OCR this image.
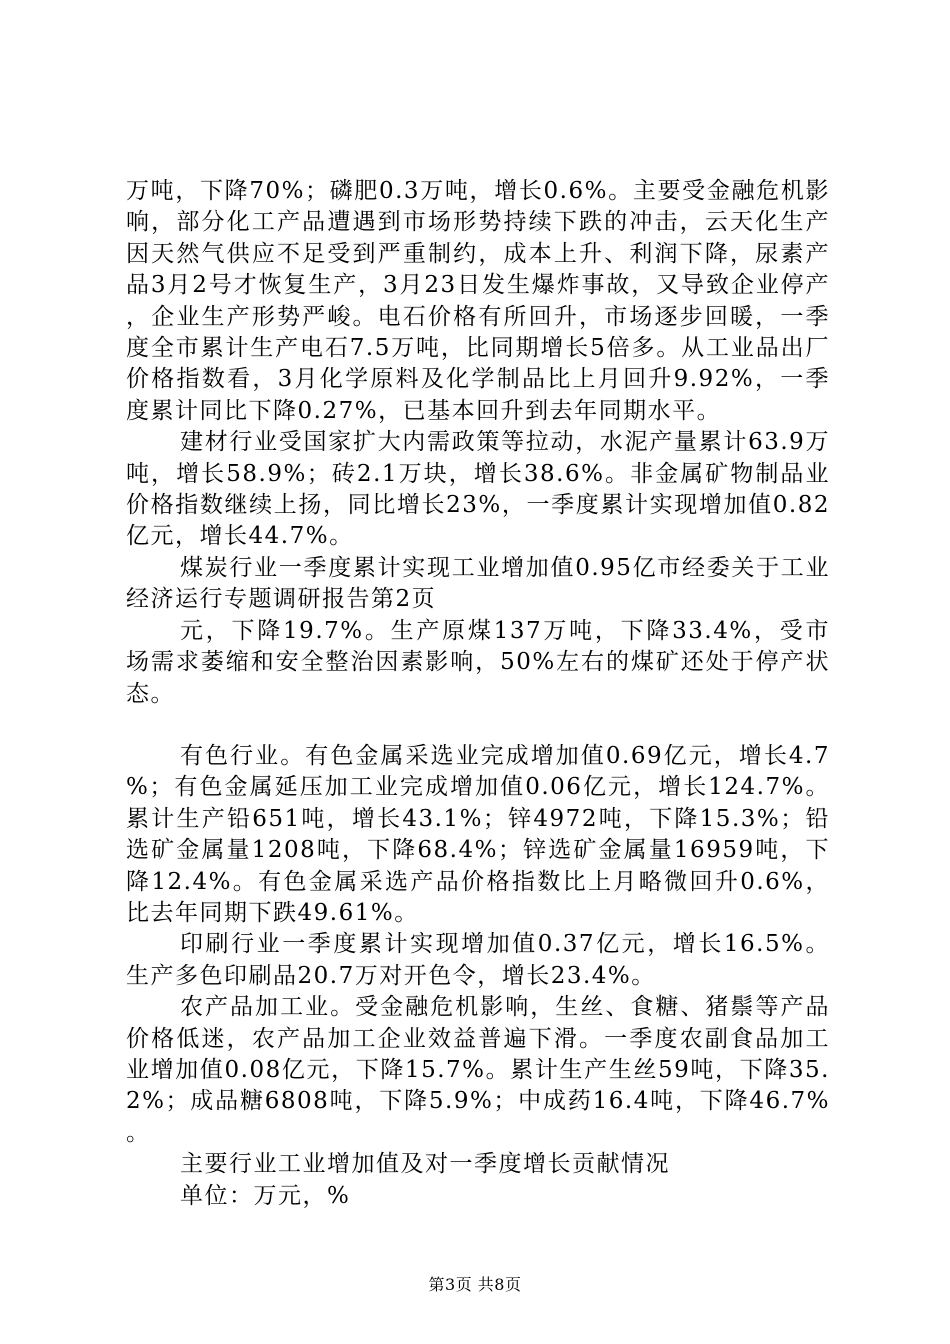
万吨，下降70%；磷肥0.3万吨，增长0.6%。主要受金融危机影响，部分化工产品遭遇到市场形势持续下跌的冲击，云天化生产因天然气供应不足受到严重制约，成本上升、利润下降，尿素产品3月2号才恢复生产，3月23日发生爆炸事故，又导致企业停产，企业生产形势严峻。电石价格有所回升，市场逐步回暖，一季度全市累计生产电石7.5万吨，比同期增长5倍多。从工业品出厂价格指数看，3月化学原料及化学制品比上月回升9.92%，一季度累计同比下降0.27%，已基本回升到去年同期水平。

建材行业受国家扩大内需政策等拉动，水泥产量累计63.9万吨，增长58.9%；砖2.1万块，增长38.6%。非金属矿物制品业价格指数继续上扬，同比增长23%，一季度累计实现增加值0.82亿元，增长44.7%。

煤炭行业一季度累计实现工业增加值0.95亿市经委关于工业经济运行专题调研报告第2页

元，下降19.7%。生产原煤137万吨，下降33.4%，受市场需求萎缩和安全整治因素影响，50%左右的煤矿还处于停产状态。

有色行业。有色金属采选业完成增加值0.69亿元，增长4.7%；有色金属延压加工业完成增加值0.06亿元，增长124.7%。累计生产铅651吨，增长43.1%；锌4972吨，下降15.3%；铅选矿金属量1208吨，下降68.4%；锌选矿金属量16959吨，下降12.4%。有色金属采选产品价格指数比上月略微回升0.6%，比去年同期下跌49.61%。

印刷行业一季度累计实现增加值0.37亿元，增长16.5%。生产多色印刷品20.7万对开色令，增长23.4%。

农产品加工业。受金融危机影响，生丝、食糖、猪鬃等产品价格低迷，农产品加工企业效益普遍下滑。一季度农副食品加工业增加值0.08亿元，下降15.7%。累计生产生丝59吨，下降35.2%；成品糖6808吨，下降5.9%；中成药16.4吨，下降46.7%。

主要行业工业增加值及对一季度增长贡献情况

单位：万元，%

第3页 共8页
